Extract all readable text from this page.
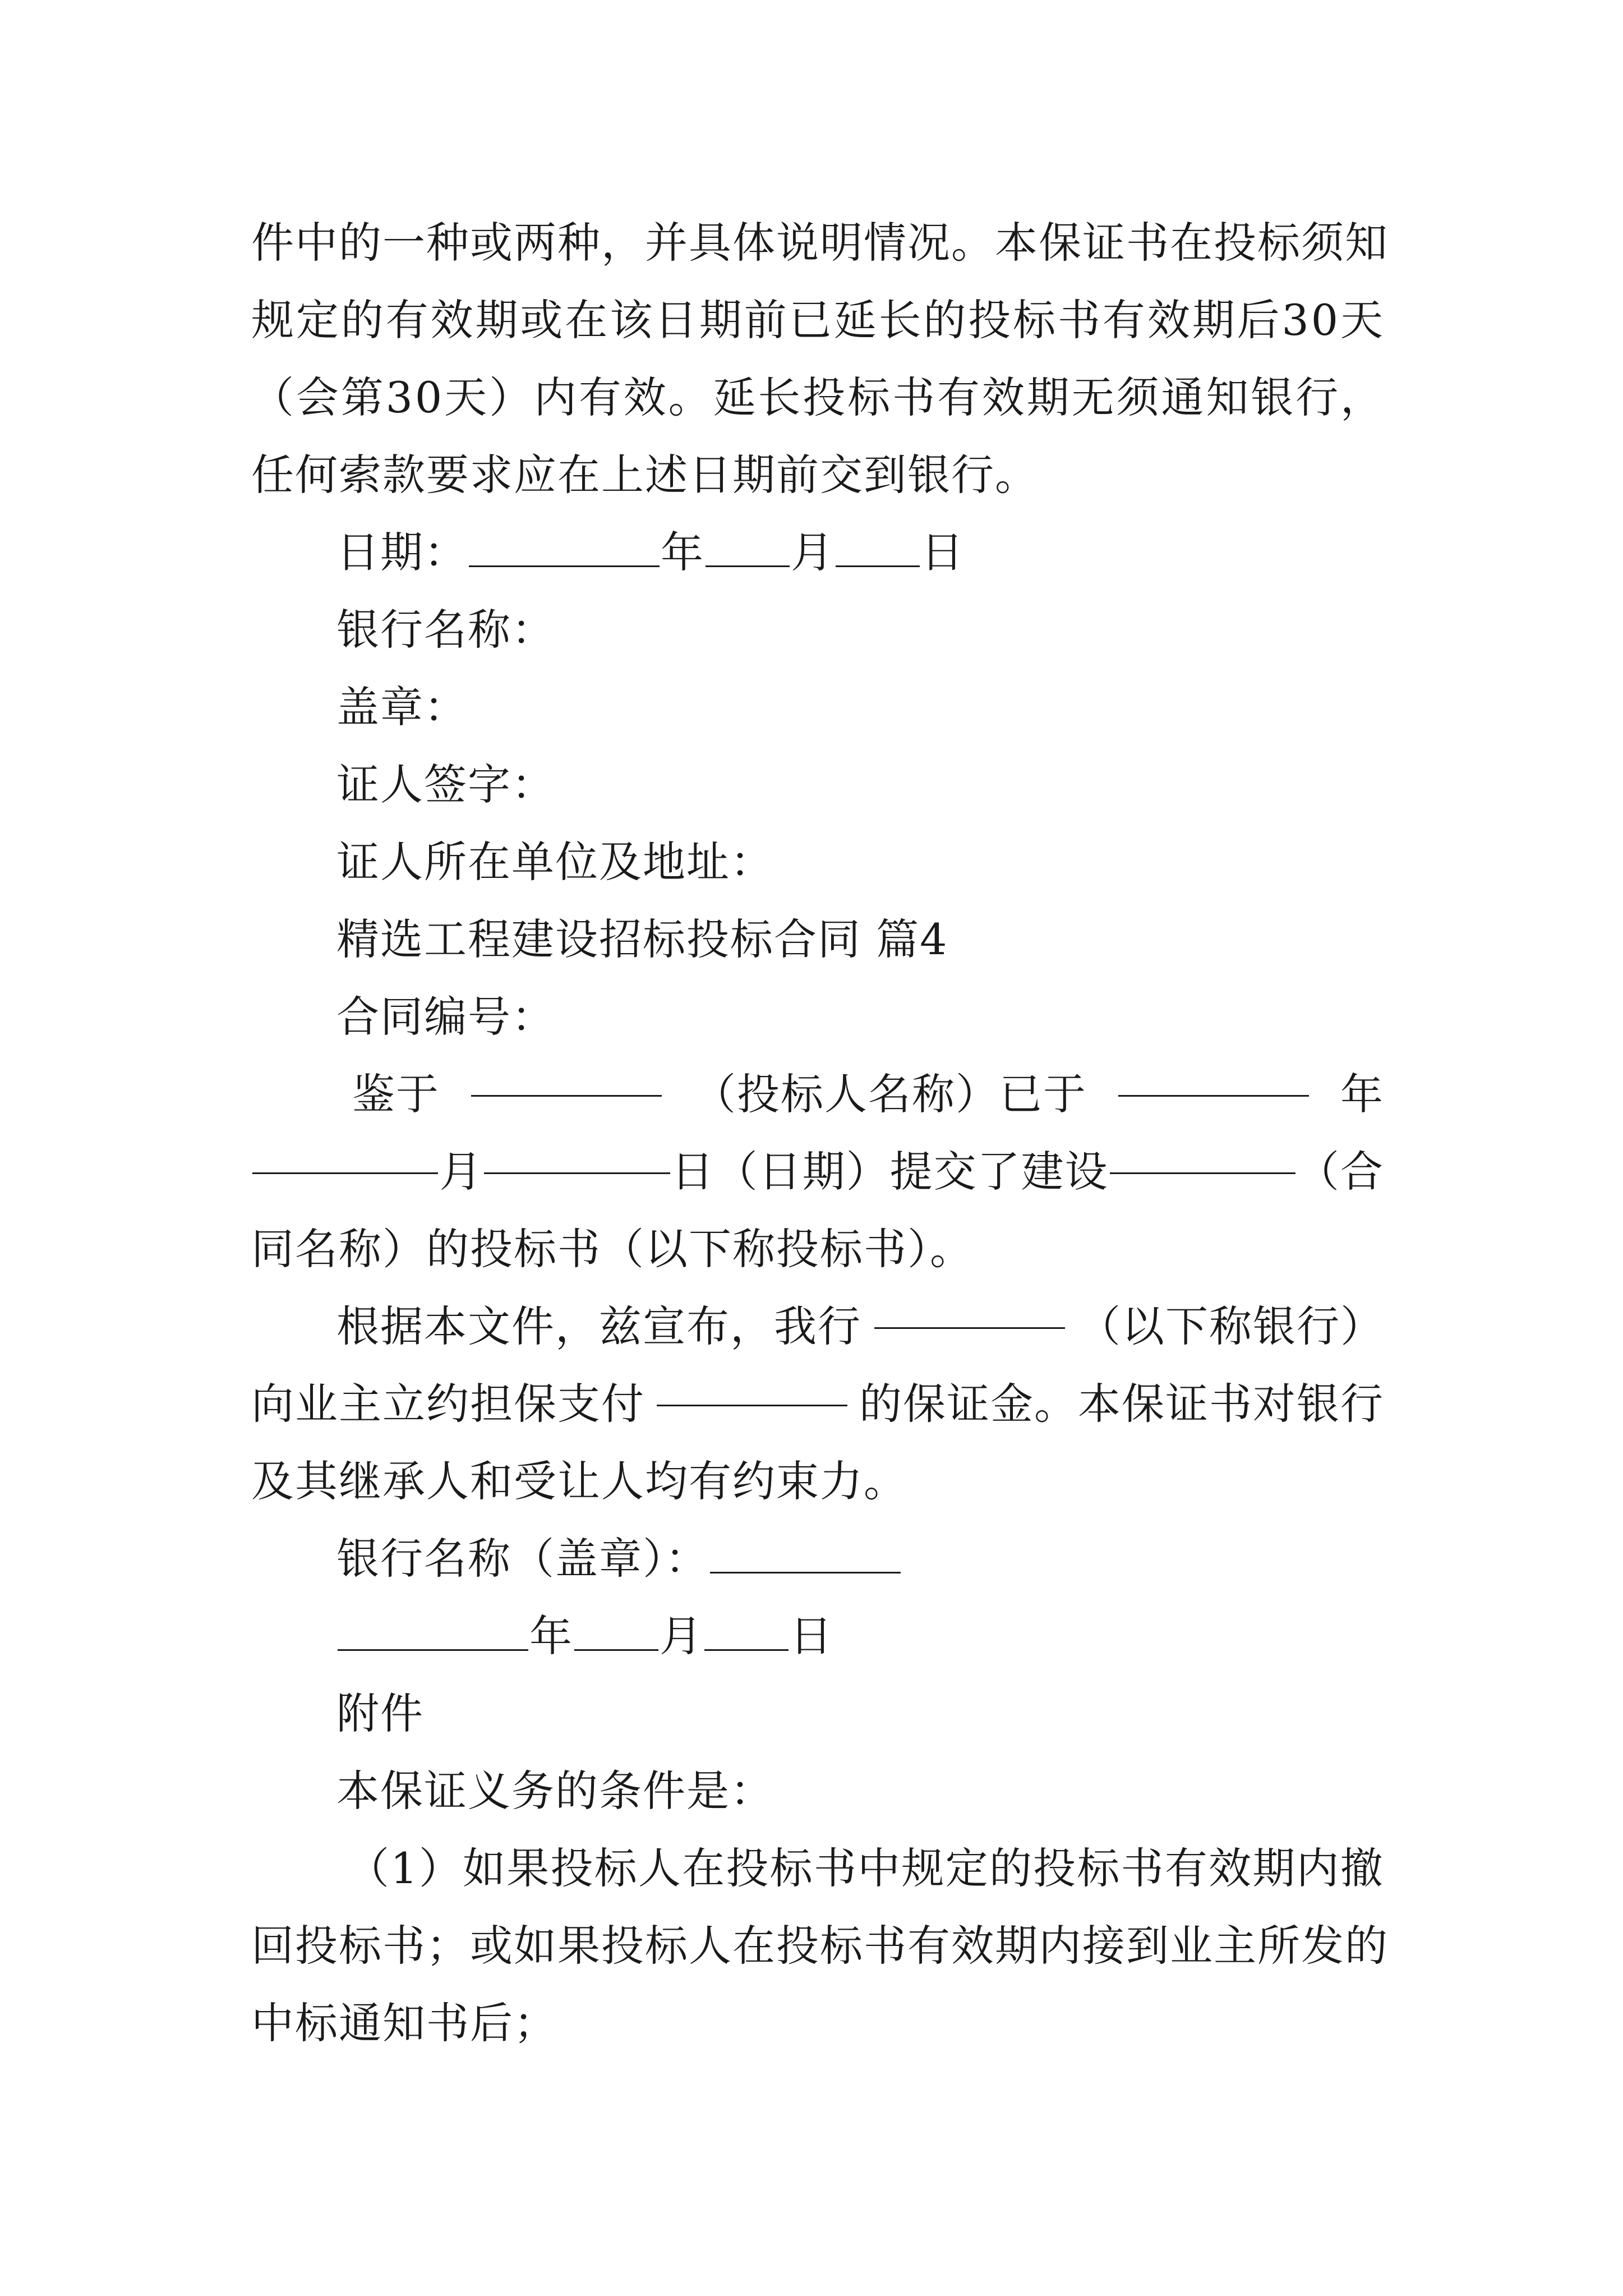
件 中 的 一 种 或 两 种 ， 并 具 体 说 明 情 况 。 本 保 证 书 在 投 标 须 知
规 定 的 有 效 期 或 在 该 日 期 前 已 延 长 的 投 标 书 有 效 期 后 3 0 天
（ 会 第 3 0 天 ） 内 有 效 。 延 长 投 标 书 有 效 期 无 须 通 知 银 行 ，
任何索款要求应在上述日期前交到银行。
日期：	年 月 日
银行名称：
盖章：
证人签字：
证人所在单位及地址：
精选工程建设招标投标合同 篇4
合同编号：
鉴于	（投标人名称）已于	年
月	日（日期）提交了建设	（合
同名称）的投标书（以下称投标书）。
根据本文件，兹宣布，我行	（以下称银行）
向业主立约担保支付	的保证金。本保证书对银行
及其继承人和受让人均有约束力。
银行名称（盖章）：
年 月 日
附件
本保证义务的条件是：
（ 1 ） 如 果 投 标 人 在 投 标 书 中 规 定 的 投 标 书 有 效 期 内 撤
回 投 标 书 ； 或 如 果 投 标 人 在 投 标 书 有 效 期 内 接 到 业 主 所 发 的
中标通知书后；
